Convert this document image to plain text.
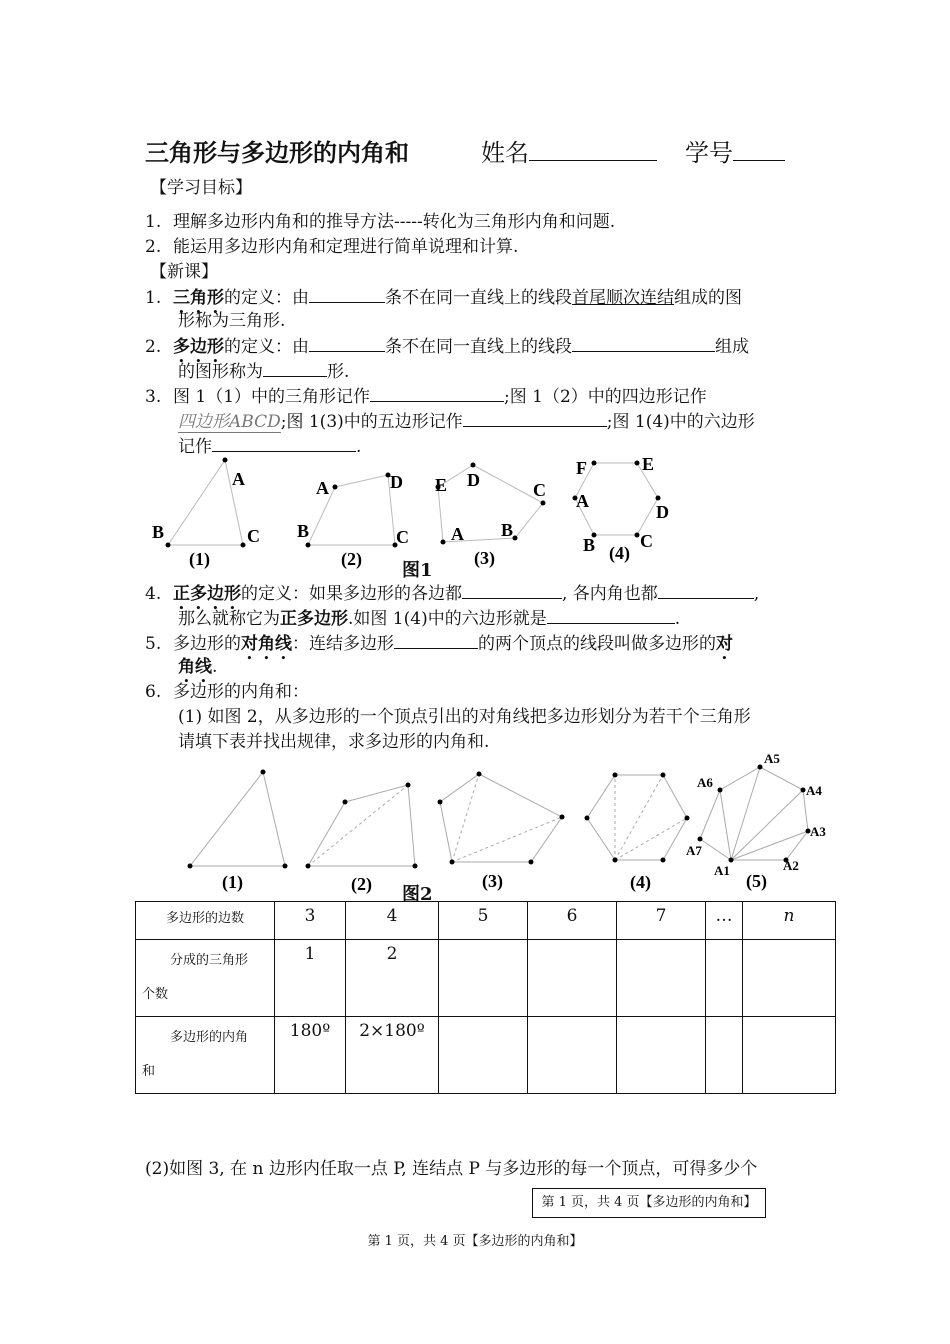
三角形与多边形的内角和	姓名	学号
【学习目标】
1. 理解多边形内角和的推导方法-----转化为三角形内角和问题.
2. 能运用多边形内角和定理进行简单说理和计算.
【新课】
1. 三角形的定义：由	条不在同一直线上的线段首尾顺次连结组成的图
形称为三角形.
2. 多边形的定义：由	条不在同一直线上的线段	组成
的图形称为	形.
3. 图 1（1）中的三角形记作	;图 1（2）中的四边形记作
四边形ABCD;图 1(3)中的五边形记作	;图 1(4)中的六边形
记作	.
A
B	C
A	D
B	C
E D	C
A B
F	E
A
D
B C
(1)	(2)	(3)	(4)
图1
4. 正多边形的定义：如果多边形的各边都	, 各内角也都	,
那么就称它为正多边形.如图 1(4)中的六边形就是	.
5. 多边形的对角线：连结多边形	的两个顶点的线段叫做多边形的对
角线.
6. 多边形的内角和：
(1) 如图 2，从多边形的一个顶点引出的对角线把多边形划分为若干个三角形
请填下表并找出规律，求多边形的内角和.
A5
A6
A4
A3
A7
A1	A2
(1)	(2)	(3)	(4)	(5)
图2
多边形的边数	3	4	5	6	7	…	n

分成的三角形
个数	1	2					

多边形的内角
和	180º	2×180º					
(2)如图 3, 在 n 边形内任取一点 P, 连结点 P 与多边形的每一个顶点，可得多少个
第 1 页，共 4 页【多边形的内角和】
第 1 页，共 4 页【多边形的内角和】
